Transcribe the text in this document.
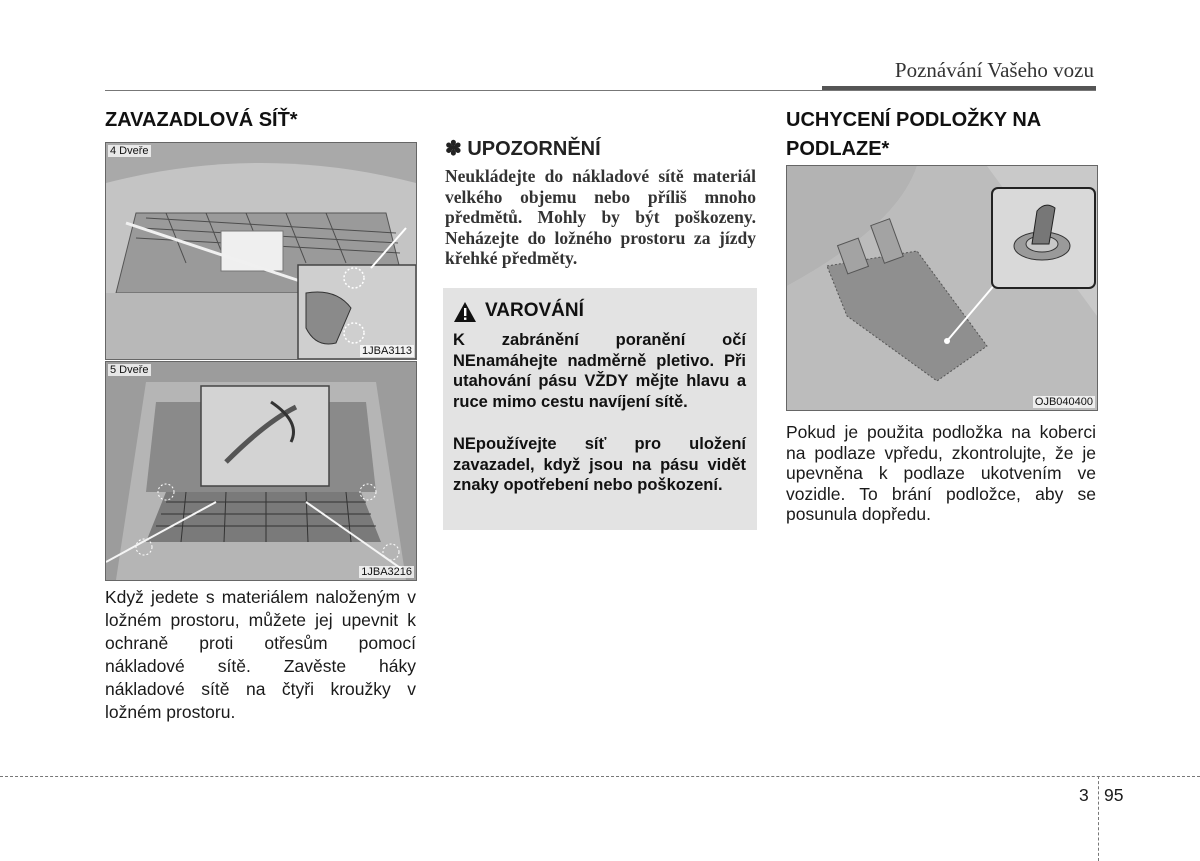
Poznávání Vašeho vozu
ZAVAZADLOVÁ SÍŤ*
4 Dveře
1JBA3113
5 Dveře
1JBA3216
Když jedete s materiálem naloženým v ložném prostoru, můžete jej upevnit k ochraně proti otřesům pomocí nákladové sítě. Zavěste háky nákladové sítě na čtyři kroužky v ložném prostoru.
✽ UPOZORNĚNÍ
Neukládejte do nákladové sítě materiál velkého objemu nebo příliš mnoho předmětů. Mohly by být poškozeny. Neházejte do ložného prostoru za jízdy křehké předměty.
VAROVÁNÍ
K zabránění poranění očí NEnamáhejte nadměrně pletivo. Při utahování pásu VŽDY mějte hlavu a ruce mimo cestu navíjení sítě.
NEpoužívejte síť pro uložení zavazadel, když jsou na pásu vidět znaky opotřebení nebo poškození.
UCHYCENÍ PODLOŽKY NA
PODLAZE*
OJB040400
Pokud je použita podložka na koberci na podlaze vpředu, zkontrolujte, že je upevněna k podlaze ukotvením ve vozidle. To brání podložce, aby se posunula dopředu.
3 95
